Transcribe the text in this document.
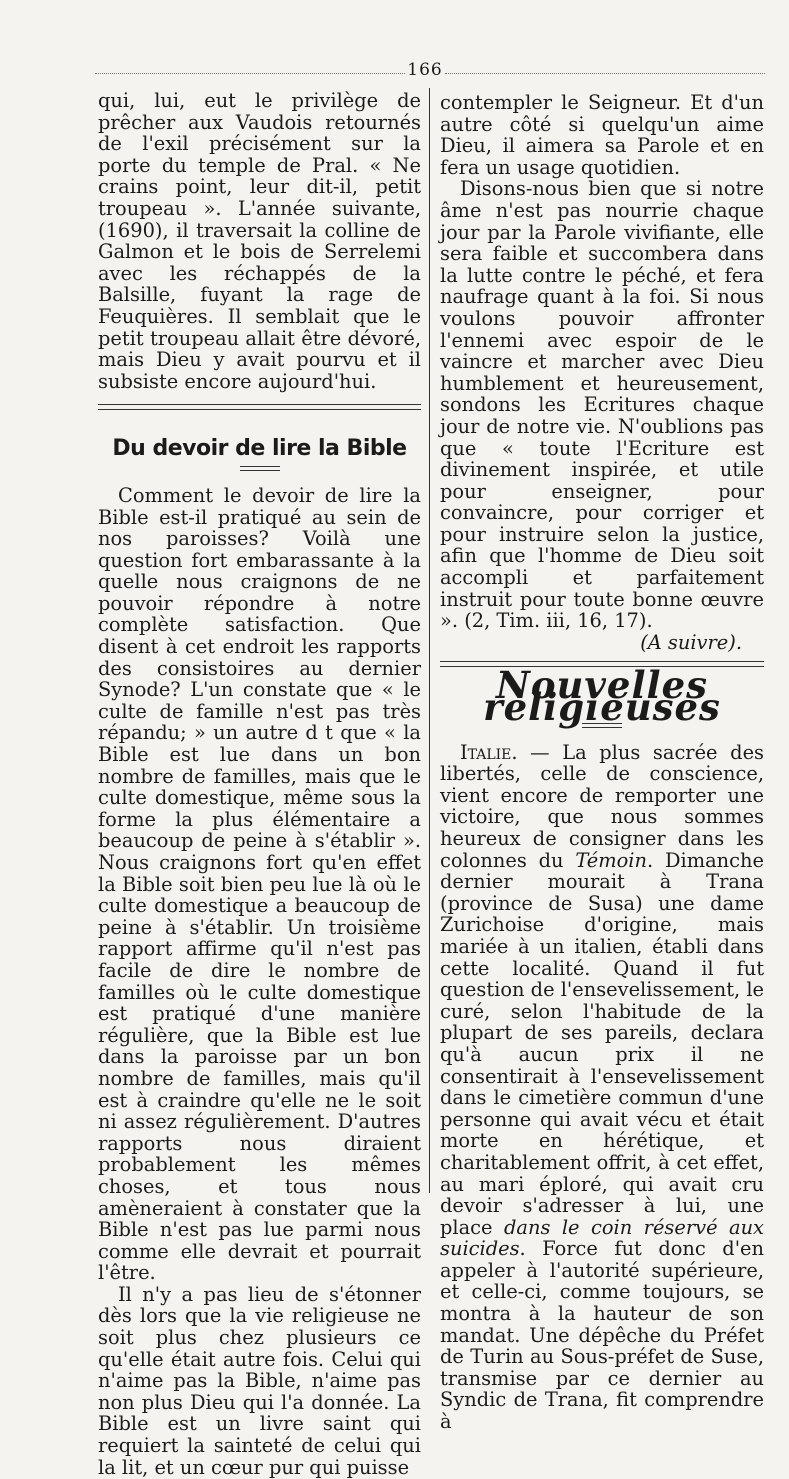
166

qui, lui, eut le privilège de prêcher aux Vaudois retournés de l'exil précisément sur la porte du temple de Pral. « Ne crains point, leur dit-il, petit troupeau ». L'année suivante, (1690), il traversait la colline de Galmon et le bois de Serrelemi avec les réchappés de la Balsille, fuyant la rage de Feuquières. Il semblait que le petit troupeau allait être dévoré, mais Dieu y avait pourvu et il subsiste encore aujourd'hui.

Du devoir de lire la Bible

Comment le devoir de lire la Bible est-il pratiqué au sein de nos paroisses? Voilà une question fort embarassante à la quelle nous craignons de ne pouvoir répondre à notre complète satisfaction. Que disent à cet endroit les rapports des consistoires au dernier Synode? L'un constate que « le culte de famille n'est pas très répandu; » un autre d t que « la Bible est lue dans un bon nombre de familles, mais que le culte domestique, même sous la forme la plus élémentaire a beaucoup de peine à s'établir ». Nous craignons fort qu'en effet la Bible soit bien peu lue là où le culte domestique a beaucoup de peine à s'établir. Un troisième rapport affirme qu'il n'est pas facile de dire le nombre de familles où le culte domestique est pratiqué d'une manière régulière, que la Bible est lue dans la paroisse par un bon nombre de familles, mais qu'il est à craindre qu'elle ne le soit ni assez régulièrement. D'autres rapports nous diraient probablement les mêmes choses, et tous nous amèneraient à constater que la Bible n'est pas lue parmi nous comme elle devrait et pourrait l'être.

Il n'y a pas lieu de s'étonner dès lors que la vie religieuse ne soit plus chez plusieurs ce qu'elle était autre fois. Celui qui n'aime pas la Bible, n'aime pas non plus Dieu qui l'a donnée. La Bible est un livre saint qui requiert la sainteté de celui qui la lit, et un cœur pur qui puisse

contempler le Seigneur. Et d'un autre côté si quelqu'un aime Dieu, il aimera sa Parole et en fera un usage quotidien.

Disons-nous bien que si notre âme n'est pas nourrie chaque jour par la Parole vivifiante, elle sera faible et succombera dans la lutte contre le péché, et fera naufrage quant à la foi. Si nous voulons pouvoir affronter l'ennemi avec espoir de le vaincre et marcher avec Dieu humblement et heureusement, sondons les Ecritures chaque jour de notre vie. N'oublions pas que « toute l'Ecriture est divinement inspirée, et utile pour enseigner, pour convaincre, pour corriger et pour instruire selon la justice, afin que l'homme de Dieu soit accompli et parfaitement instruit pour toute bonne œuvre ». (2, Tim. iii, 16, 17).

(A suivre).

Nouvelles religieuses

Italie. — La plus sacrée des libertés, celle de conscience, vient encore de remporter une victoire, que nous sommes heureux de consigner dans les colonnes du Témoin. Dimanche dernier mourait à Trana (province de Susa) une dame Zurichoise d'origine, mais mariée à un italien, établi dans cette localité. Quand il fut question de l'ensevelissement, le curé, selon l'habitude de la plupart de ses pareils, declara qu'à aucun prix il ne consentirait à l'ensevelissement dans le cimetière commun d'une personne qui avait vécu et était morte en hérétique, et charitablement offrit, à cet effet, au mari éploré, qui avait cru devoir s'adresser à lui, une place dans le coin réservé aux suicides. Force fut donc d'en appeler à l'autorité supérieure, et celle-ci, comme toujours, se montra à la hauteur de son mandat. Une dépêche du Préfet de Turin au Sous-préfet de Suse, transmise par ce dernier au Syndic de Trana, fit comprendre à
